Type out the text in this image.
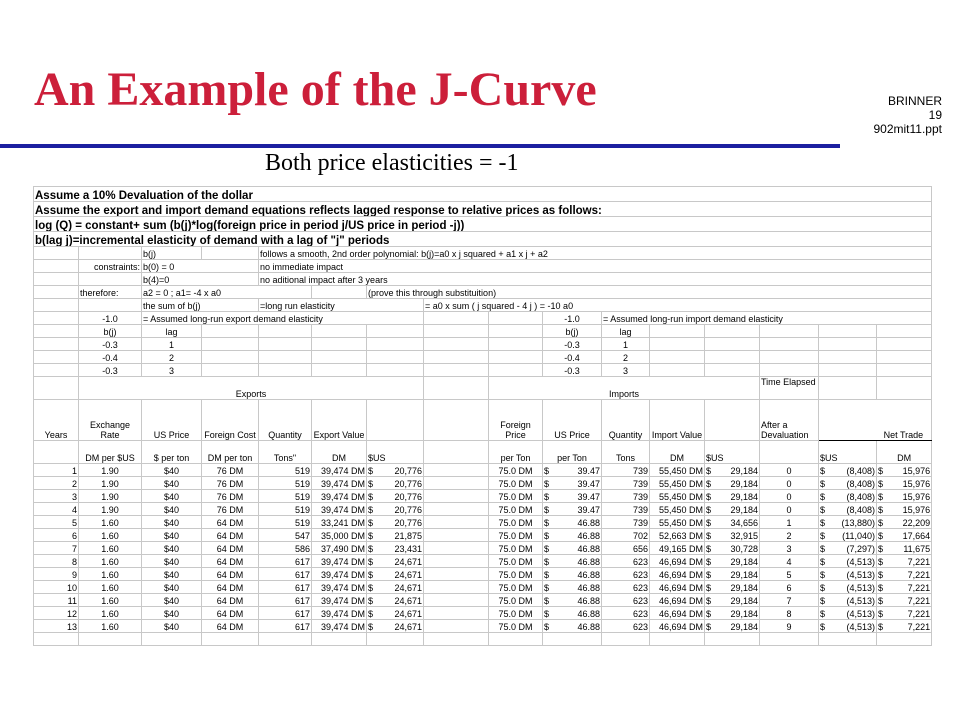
An Example of the J-Curve	BRINNER
19
902mit11.ppt
Both price elasticities = -1
Assume a 10% Devaluation of the dollar															
Assume the export and import demand equations reflects lagged response to relative prices as follows:															
log (Q) = constant+ sum (b(j)*log(foreign price in period j/US price in period -j))															
b(lag j)=incremental elasticity of demand with a lag of "j" periods															
		b(j)		follows a smooth, 2nd order polynomial: b(j)=a0 x j squared + a1 x j + a2											
	constraints:	b(0) = 0		no immediate impact											
		b(4)=0		no aditional impact after 3 years											
	therefore:	a2 = 0 ; a1= -4 x a0				(prove this through substituition)									
		the sum of b(j)		=long run elasticity			= a0 x sum ( j squared - 4 j ) = -10 a0								
	-1.0	= Assumed long-run export demand elasticity							-1.0	= Assumed long-run import demand elasticity					
	b(j)	lag							b(j)	lag					
	-0.3	1							-0.3	1					
	-0.4	2							-0.4	2					
	-0.3	3							-0.3	3					
	Exports							Imports					Time Elapsed		
Years	Exchange Rate	US Price	Foreign Cost	Quantity	Export Value			Foreign Price	US Price	Quantity	Import Value		After a Devaluation	Net Trade	
	DM per $US	$ per ton	DM per ton	Tons"	DM	$US		per Ton	per Ton	Tons	DM	$US		$US	DM
1	1.90	$40	76 DM	519	39,474 DM	$ 20,776		75.0 DM	$ 39.47	739	55,450 DM	$ 29,184	0	$ (8,408)	$ 15,976

2	1.90	$40	76 DM	519	39,474 DM	$ 20,776		75.0 DM	$ 39.47	739	55,450 DM	$ 29,184	0	$ (8,408)	$ 15,976

3	1.90	$40	76 DM	519	39,474 DM	$ 20,776		75.0 DM	$ 39.47	739	55,450 DM	$ 29,184	0	$ (8,408)	$ 15,976

4	1.90	$40	76 DM	519	39,474 DM	$ 20,776		75.0 DM	$ 39.47	739	55,450 DM	$ 29,184	0	$ (8,408)	$ 15,976

5	1.60	$40	64 DM	519	33,241 DM	$ 20,776		75.0 DM	$ 46.88	739	55,450 DM	$ 34,656	1	$ (13,880)	$ 22,209

6	1.60	$40	64 DM	547	35,000 DM	$ 21,875		75.0 DM	$ 46.88	702	52,663 DM	$ 32,915	2	$ (11,040)	$ 17,664

7	1.60	$40	64 DM	586	37,490 DM	$ 23,431		75.0 DM	$ 46.88	656	49,165 DM	$ 30,728	3	$ (7,297)	$ 11,675

8	1.60	$40	64 DM	617	39,474 DM	$ 24,671		75.0 DM	$ 46.88	623	46,694 DM	$ 29,184	4	$ (4,513)	$ 7,221

9	1.60	$40	64 DM	617	39,474 DM	$ 24,671		75.0 DM	$ 46.88	623	46,694 DM	$ 29,184	5	$ (4,513)	$ 7,221

10	1.60	$40	64 DM	617	39,474 DM	$ 24,671		75.0 DM	$ 46.88	623	46,694 DM	$ 29,184	6	$ (4,513)	$ 7,221

11	1.60	$40	64 DM	617	39,474 DM	$ 24,671		75.0 DM	$ 46.88	623	46,694 DM	$ 29,184	7	$ (4,513)	$ 7,221

12	1.60	$40	64 DM	617	39,474 DM	$ 24,671		75.0 DM	$ 46.88	623	46,694 DM	$ 29,184	8	$ (4,513)	$ 7,221

13	1.60	$40	64 DM	617	39,474 DM	$ 24,671		75.0 DM	$ 46.88	623	46,694 DM	$ 29,184	9	$ (4,513)	$ 7,221
